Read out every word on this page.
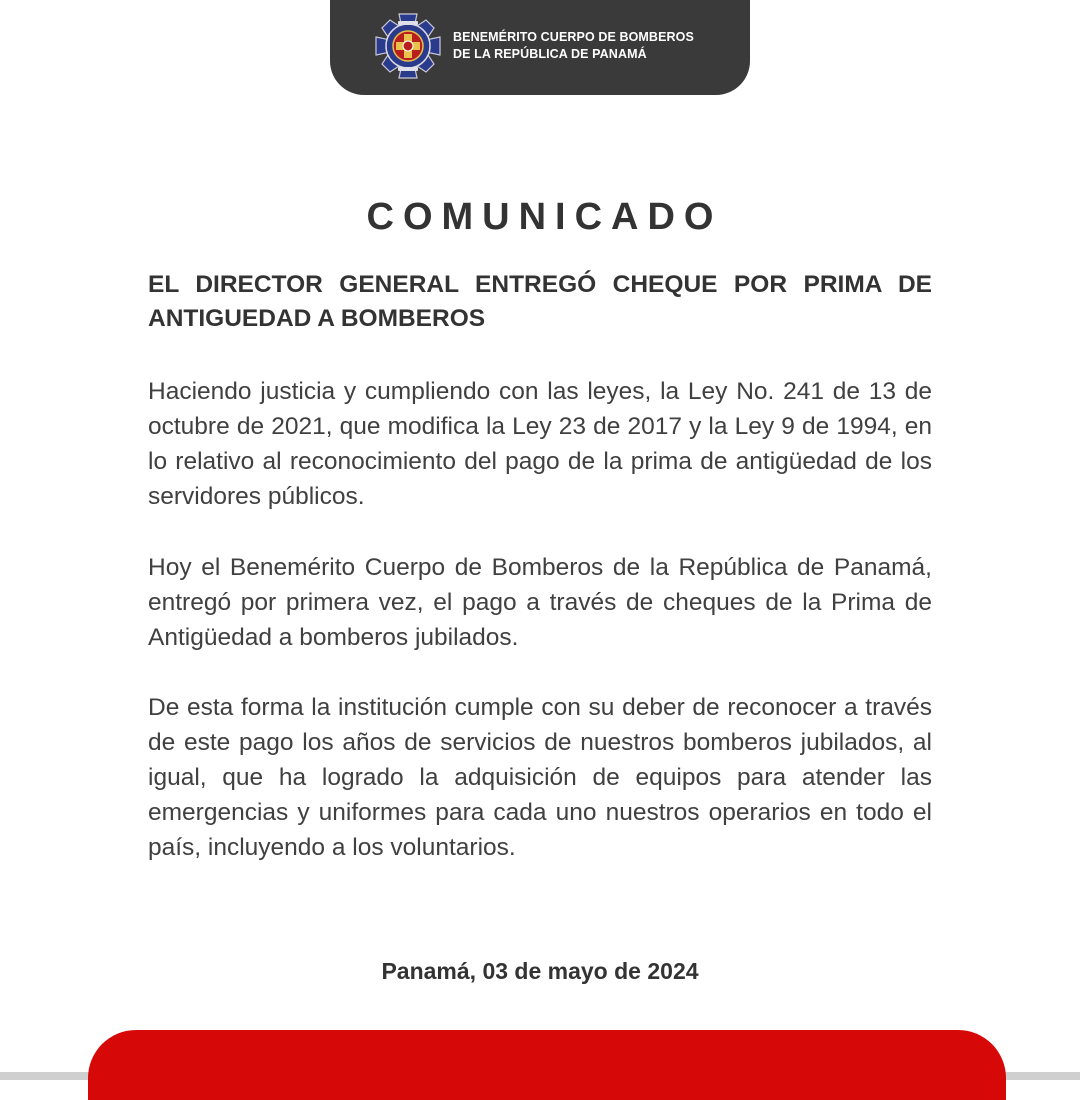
BENEMÉRITO CUERPO DE BOMBEROS
DE LA REPÚBLICA DE PANAMÁ
COMUNICADO
EL DIRECTOR GENERAL ENTREGÓ CHEQUE POR PRIMA DE ANTIGUEDAD A BOMBEROS
Haciendo justicia y cumpliendo con las leyes, la Ley No. 241 de 13 de octubre de 2021, que modifica la Ley 23 de 2017 y la Ley 9 de 1994, en lo relativo al reconocimiento del pago de la prima de antigüedad de los servidores públicos.
Hoy el Benemérito Cuerpo de Bomberos de la República de Panamá, entregó por primera vez, el pago a través de cheques de la Prima de Antigüedad a bomberos jubilados.
De esta forma la institución cumple con su deber de reconocer a través de este pago los años de servicios de nuestros bomberos jubilados, al igual, que ha logrado la adquisición de equipos para atender las emergencias y uniformes para cada uno nuestros operarios en todo el país, incluyendo a los voluntarios.
Panamá, 03 de mayo de 2024
